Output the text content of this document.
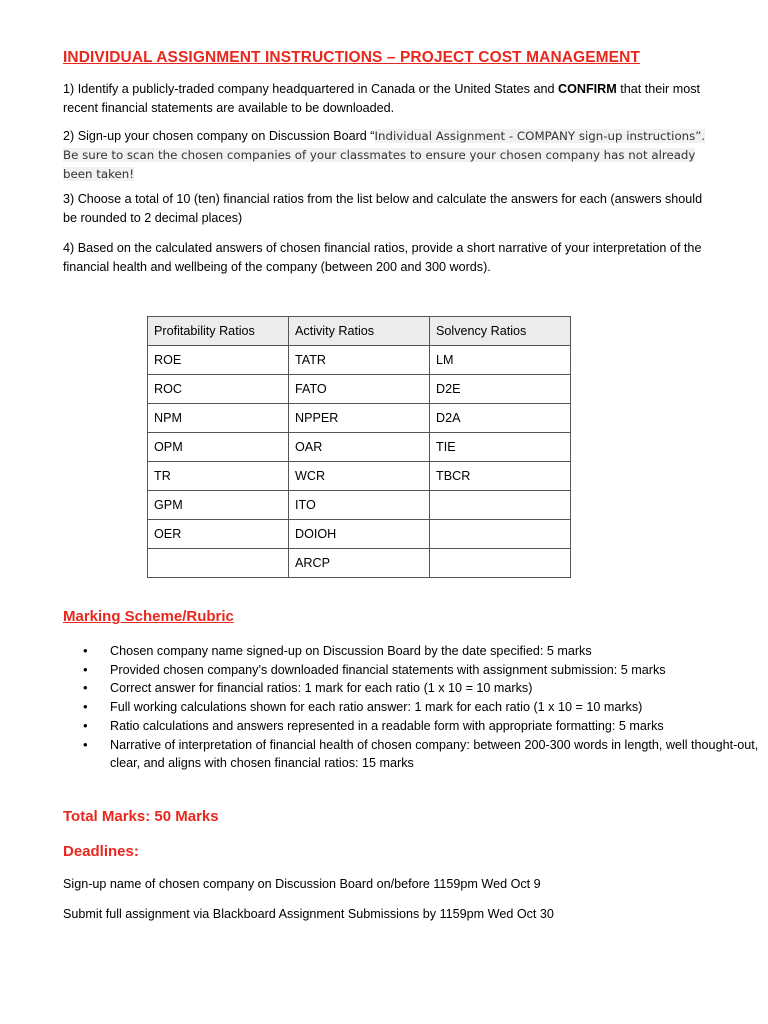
INDIVIDUAL ASSIGNMENT INSTRUCTIONS – PROJECT COST MANAGEMENT
1) Identify a publicly-traded company headquartered in Canada or the United States and CONFIRM that their most recent financial statements are available to be downloaded.
2) Sign-up your chosen company on Discussion Board “Individual Assignment - COMPANY sign-up instructions”. Be sure to scan the chosen companies of your classmates to ensure your chosen company has not already been taken!
3) Choose a total of 10 (ten) financial ratios from the list below and calculate the answers for each (answers should be rounded to 2 decimal places)
4) Based on the calculated answers of chosen financial ratios, provide a short narrative of your interpretation of the financial health and wellbeing of the company (between 200 and 300 words).
Profitability Ratios	Activity Ratios	Solvency Ratios
ROE	TATR	LM
ROC	FATO	D2E
NPM	NPPER	D2A
OPM	OAR	TIE
TR	WCR	TBCR
GPM	ITO	
OER	DOIOH	
	ARCP	
Marking Scheme/Rubric
• Chosen company name signed-up on Discussion Board by the date specified: 5 marks
• Provided chosen company’s downloaded financial statements with assignment submission: 5 marks
• Correct answer for financial ratios: 1 mark for each ratio (1 x 10 = 10 marks)
• Full working calculations shown for each ratio answer: 1 mark for each ratio (1 x 10 = 10 marks)
• Ratio calculations and answers represented in a readable form with appropriate formatting: 5 marks
• Narrative of interpretation of financial health of chosen company: between 200-300 words in length, well thought-out, clear, and aligns with chosen financial ratios: 15 marks
Total Marks: 50 Marks
Deadlines:
Sign-up name of chosen company on Discussion Board on/before 1159pm Wed Oct 9
Submit full assignment via Blackboard Assignment Submissions by 1159pm Wed Oct 30
